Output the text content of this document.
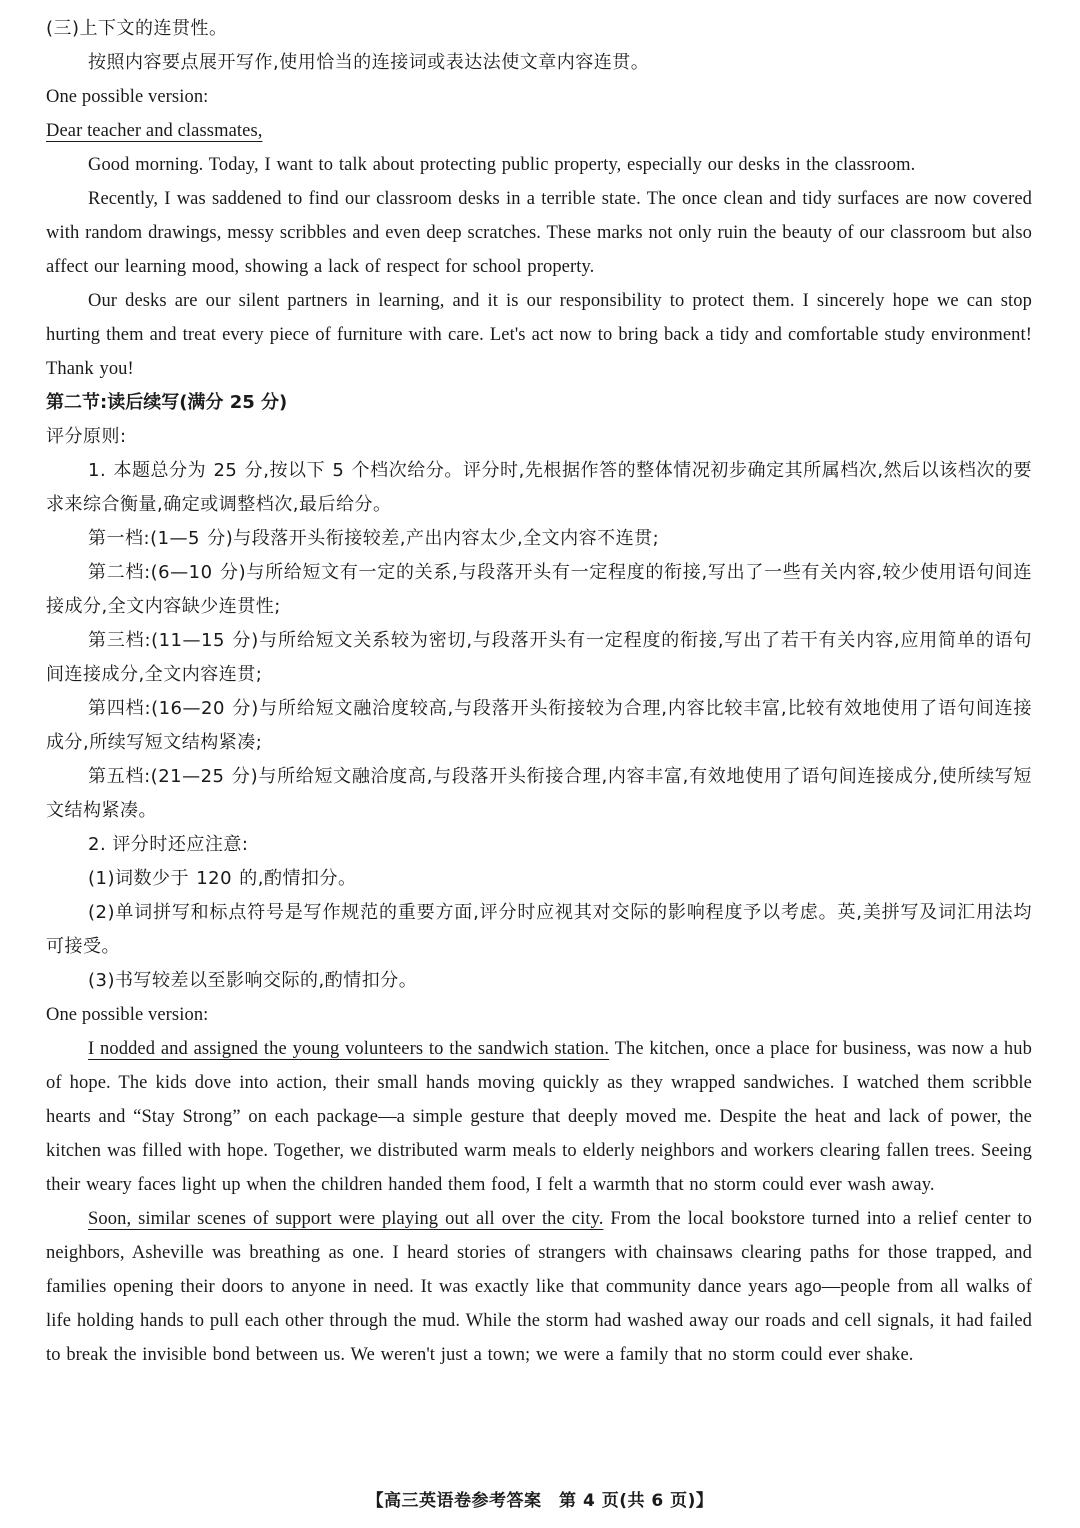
(三)上下文的连贯性。
按照内容要点展开写作,使用恰当的连接词或表达法使文章内容连贯。
One possible version:
Dear teacher and classmates,
Good morning. Today, I want to talk about protecting public property, especially our desks in the classroom.
Recently, I was saddened to find our classroom desks in a terrible state. The once clean and tidy surfaces are now covered with random drawings, messy scribbles and even deep scratches. These marks not only ruin the beauty of our classroom but also affect our learning mood, showing a lack of respect for school property.
Our desks are our silent partners in learning, and it is our responsibility to protect them. I sincerely hope we can stop hurting them and treat every piece of furniture with care. Let's act now to bring back a tidy and comfortable study environment! Thank you!
第二节:读后续写(满分 25 分)
评分原则:
1. 本题总分为 25 分,按以下 5 个档次给分。评分时,先根据作答的整体情况初步确定其所属档次,然后以该档次的要求来综合衡量,确定或调整档次,最后给分。
第一档:(1—5 分)与段落开头衔接较差,产出内容太少,全文内容不连贯;
第二档:(6—10 分)与所给短文有一定的关系,与段落开头有一定程度的衔接,写出了一些有关内容,较少使用语句间连接成分,全文内容缺少连贯性;
第三档:(11—15 分)与所给短文关系较为密切,与段落开头有一定程度的衔接,写出了若干有关内容,应用简单的语句间连接成分,全文内容连贯;
第四档:(16—20 分)与所给短文融洽度较高,与段落开头衔接较为合理,内容比较丰富,比较有效地使用了语句间连接成分,所续写短文结构紧凑;
第五档:(21—25 分)与所给短文融洽度高,与段落开头衔接合理,内容丰富,有效地使用了语句间连接成分,使所续写短文结构紧凑。
2. 评分时还应注意:
(1)词数少于 120 的,酌情扣分。
(2)单词拼写和标点符号是写作规范的重要方面,评分时应视其对交际的影响程度予以考虑。英,美拼写及词汇用法均可接受。
(3)书写较差以至影响交际的,酌情扣分。
One possible version:
I nodded and assigned the young volunteers to the sandwich station. The kitchen, once a place for business, was now a hub of hope. The kids dove into action, their small hands moving quickly as they wrapped sandwiches. I watched them scribble hearts and “Stay Strong” on each package—a simple gesture that deeply moved me. Despite the heat and lack of power, the kitchen was filled with hope. Together, we distributed warm meals to elderly neighbors and workers clearing fallen trees. Seeing their weary faces light up when the children handed them food, I felt a warmth that no storm could ever wash away.
Soon, similar scenes of support were playing out all over the city. From the local bookstore turned into a relief center to neighbors, Asheville was breathing as one. I heard stories of strangers with chainsaws clearing paths for those trapped, and families opening their doors to anyone in need. It was exactly like that community dance years ago—people from all walks of life holding hands to pull each other through the mud. While the storm had washed away our roads and cell signals, it had failed to break the invisible bond between us. We weren't just a town; we were a family that no storm could ever shake.
【高三英语卷参考答案　第 4 页(共 6 页)】
